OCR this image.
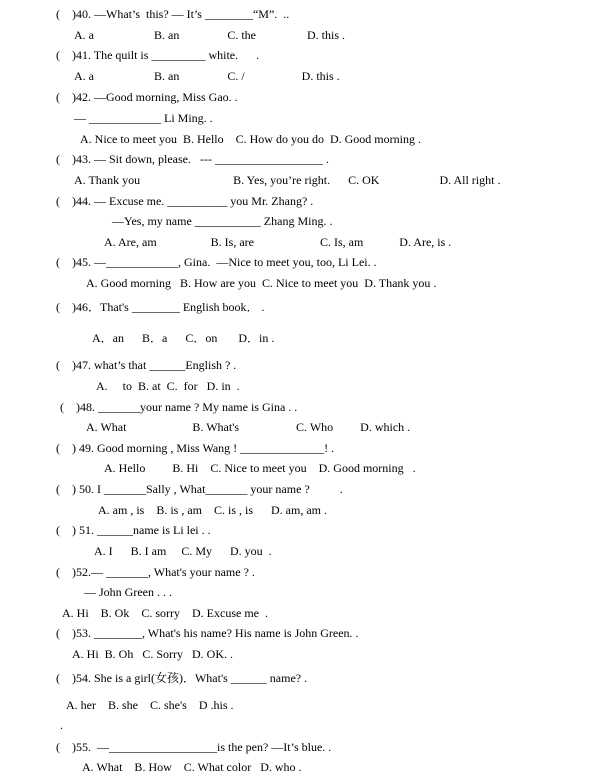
(    )40. —What’s  this? — It’s ________“M”.  ..
A. a                    B. an                C. the                 D. this .
(    )41. The quilt is _________ white.      .
A. a                    B. an                C. /                   D. this .
(    )42. —Good morning, Miss Gao. .
— ____________ Li Ming. .
A. Nice to meet you  B. Hello    C. How do you do  D. Good morning .
(    )43. — Sit down, please.   --- __________________ .
A. Thank you                               B. Yes, you’re right.      C. OK                    D. All right .
(    )44. — Excuse me. __________ you Mr. Zhang? .
—Yes, my name ___________ Zhang Ming. .
A. Are, am                  B. Is, are                      C. Is, am            D. Are, is .
(    )45. —____________, Gina.  —Nice to meet you, too, Li Lei. .
A. Good morning   B. How are you  C. Nice to meet you  D. Thank you .
(    )46．That's ________ English book． .
A．an      B．a      C．on       D．in .
(    )47. what’s that ______English ? .
A.     to  B. at  C.  for   D. in  .
(    )48. _______your name ? My name is Gina . .
A. What                      B. What's                   C. Who         D. which .
(    ) 49. Good morning , Miss Wang ! ______________! .
A. Hello         B. Hi    C. Nice to meet you    D. Good morning   .
(    ) 50. I _______Sally , What_______ your name ?          .
A. am , is    B. is , am    C. is , is      D. am, am .
(    ) 51. ______name is Li lei . .
A. I      B. I am     C. My      D. you  .
(    )52.— _______, What's your name ? .
— John Green . . .
A. Hi    B. Ok    C. sorry    D. Excuse me  .
(    )53. ________, What's his name? His name is John Green. .
A. Hi  B. Oh   C. Sorry   D. OK. .
(    )54. She is a girl(女孩)．What's ______ name? .
A. her    B. she    C. she's    D .his .
.
(    )55.  —__________________is the pen? —It’s blue. .
A. What    B. How    C. What color   D. who .
